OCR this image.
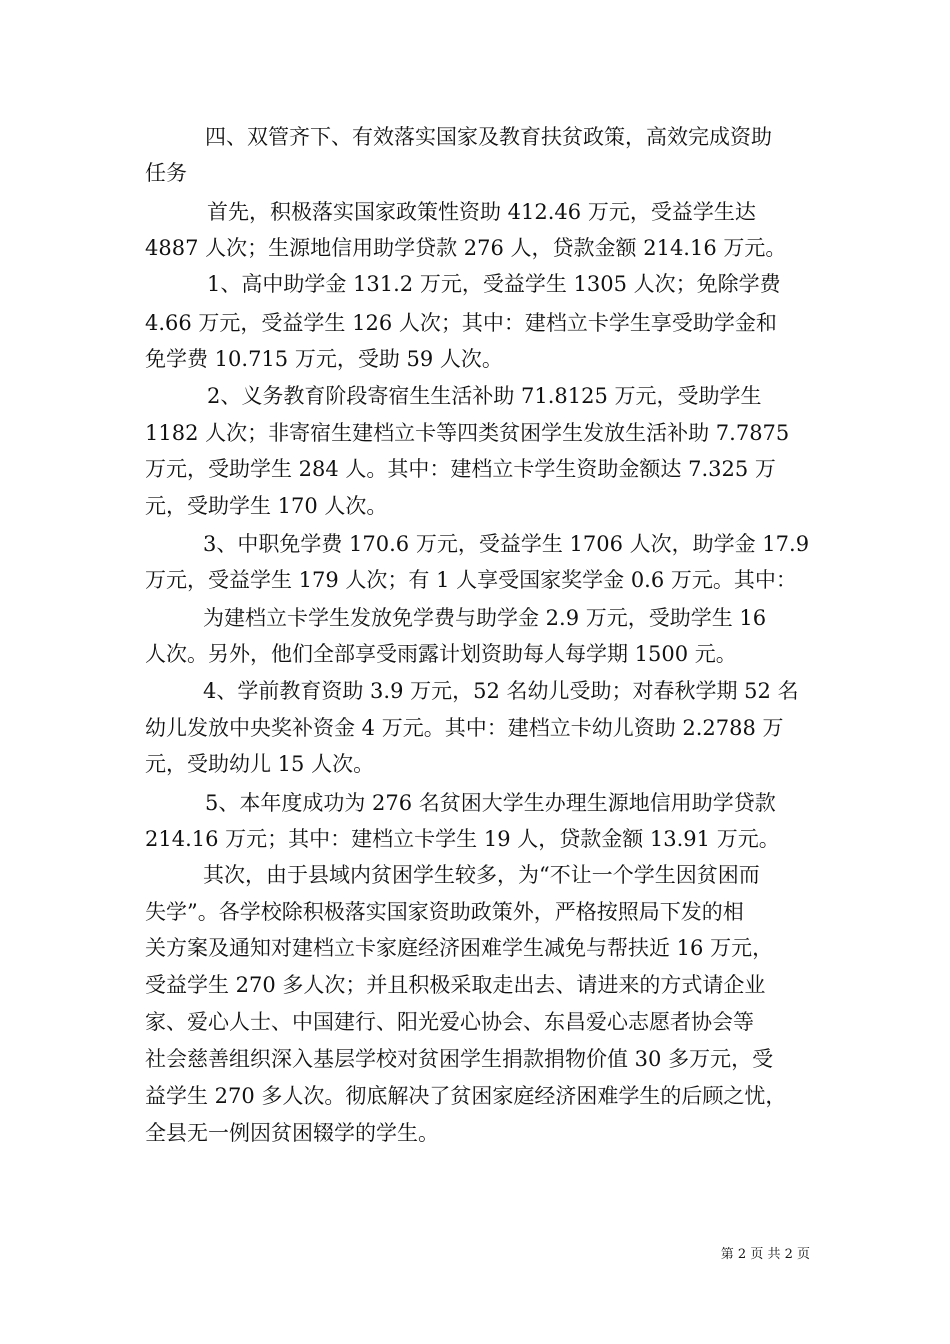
四、双管齐下、有效落实国家及教育扶贫政策，高效完成资助
任务
首先，积极落实国家政策性资助 412.46 万元，受益学生达
4887 人次；生源地信用助学贷款 276 人，贷款金额 214.16 万元。
1、高中助学金 131.2 万元，受益学生 1305 人次；免除学费
4.66 万元，受益学生 126 人次；其中：建档立卡学生享受助学金和
免学费 10.715 万元，受助 59 人次。
2、义务教育阶段寄宿生生活补助 71.8125 万元，受助学生
1182 人次；非寄宿生建档立卡等四类贫困学生发放生活补助 7.7875
万元，受助学生 284 人。其中：建档立卡学生资助金额达 7.325 万
元，受助学生 170 人次。
3、中职免学费 170.6 万元，受益学生 1706 人次，助学金 17.9
万元，受益学生 179 人次；有 1 人享受国家奖学金 0.6 万元。其中：
为建档立卡学生发放免学费与助学金 2.9 万元，受助学生 16
人次。另外，他们全部享受雨露计划资助每人每学期 1500 元。
4、学前教育资助 3.9 万元，52 名幼儿受助；对春秋学期 52 名
幼儿发放中央奖补资金 4 万元。其中：建档立卡幼儿资助 2.2788 万
元，受助幼儿 15 人次。
5、本年度成功为 276 名贫困大学生办理生源地信用助学贷款
214.16 万元；其中：建档立卡学生 19 人，贷款金额 13.91 万元。
其次，由于县域内贫困学生较多，为“不让一个学生因贫困而
失学”。各学校除积极落实国家资助政策外，严格按照局下发的相
关方案及通知对建档立卡家庭经济困难学生减免与帮扶近 16 万元，
受益学生 270 多人次；并且积极采取走出去、请进来的方式请企业
家、爱心人士、中国建行、阳光爱心协会、东昌爱心志愿者协会等
社会慈善组织深入基层学校对贫困学生捐款捐物价值 30 多万元，受
益学生 270 多人次。彻底解决了贫困家庭经济困难学生的后顾之忧，
全县无一例因贫困辍学的学生。
第 2 页 共 2 页
